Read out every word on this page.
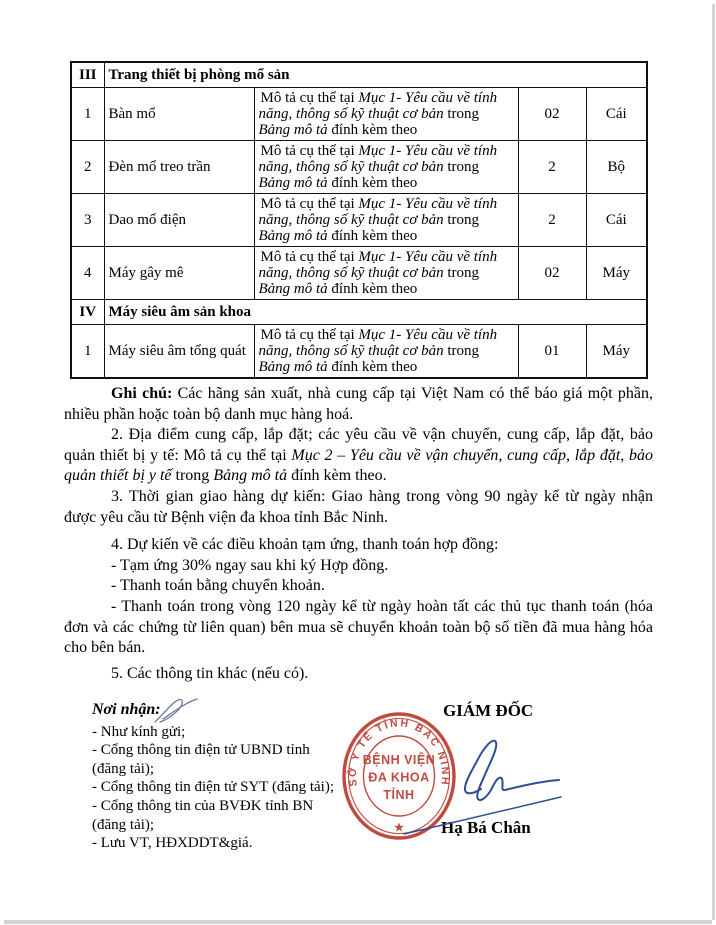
III	Trang thiết bị phòng mổ sản			
1	Bàn mổ	Mô tả cụ thể tại Mục 1- Yêu cầu về tính năng, thông số kỹ thuật cơ bản trong Bảng mô tả đính kèm theo	02	Cái
2	Đèn mổ treo trần	Mô tả cụ thể tại Mục 1- Yêu cầu về tính năng, thông số kỹ thuật cơ bản trong Bảng mô tả đính kèm theo	2	Bộ
3	Dao mổ điện	Mô tả cụ thể tại Mục 1- Yêu cầu về tính năng, thông số kỹ thuật cơ bản trong Bảng mô tả đính kèm theo	2	Cái
4	Máy gây mê	Mô tả cụ thể tại Mục 1- Yêu cầu về tính năng, thông số kỹ thuật cơ bản trong Bảng mô tả đính kèm theo	02	Máy
IV	Máy siêu âm sản khoa			
1	Máy siêu âm tổng quát	Mô tả cụ thể tại Mục 1- Yêu cầu về tính năng, thông số kỹ thuật cơ bản trong Bảng mô tả đính kèm theo	01	Máy

Ghi chú: Các hãng sản xuất, nhà cung cấp tại Việt Nam có thể báo giá một phần, nhiều phần hoặc toàn bộ danh mục hàng hoá.

2. Địa điểm cung cấp, lắp đặt; các yêu cầu về vận chuyển, cung cấp, lắp đặt, bảo quản thiết bị y tế: Mô tả cụ thể tại Mục 2 – Yêu cầu về vận chuyển, cung cấp, lắp đặt, bảo quản thiết bị y tế trong Bảng mô tả đính kèm theo.

3. Thời gian giao hàng dự kiến: Giao hàng trong vòng 90 ngày kể từ ngày nhận được yêu cầu từ Bệnh viện đa khoa tỉnh Bắc Ninh.

4. Dự kiến về các điều khoản tạm ứng, thanh toán hợp đồng:

- Tạm ứng 30% ngay sau khi ký Hợp đồng.

- Thanh toán bằng chuyển khoản.

- Thanh toán trong vòng 120 ngày kể từ ngày hoàn tất các thủ tục thanh toán (hóa đơn và các chứng từ liên quan) bên mua sẽ chuyển khoản toàn bộ số tiền đã mua hàng hóa cho bên bán.

5. Các thông tin khác (nếu có).

Nơi nhận:
- Như kính gửi;
- Cổng thông tin điện tử UBND tỉnh
(đăng tải);
- Cổng thông tin điện tử SYT (đăng tải);
- Cổng thông tin của BVĐK tỉnh BN
(đăng tải);
- Lưu VT, HĐXDDT&giá.
GIÁM ĐỐC
Hạ Bá Chân
SỞ Y TẾ TỈNH BẮC NINH
BỆNH VIỆN
ĐA KHOA
TỈNH
★
